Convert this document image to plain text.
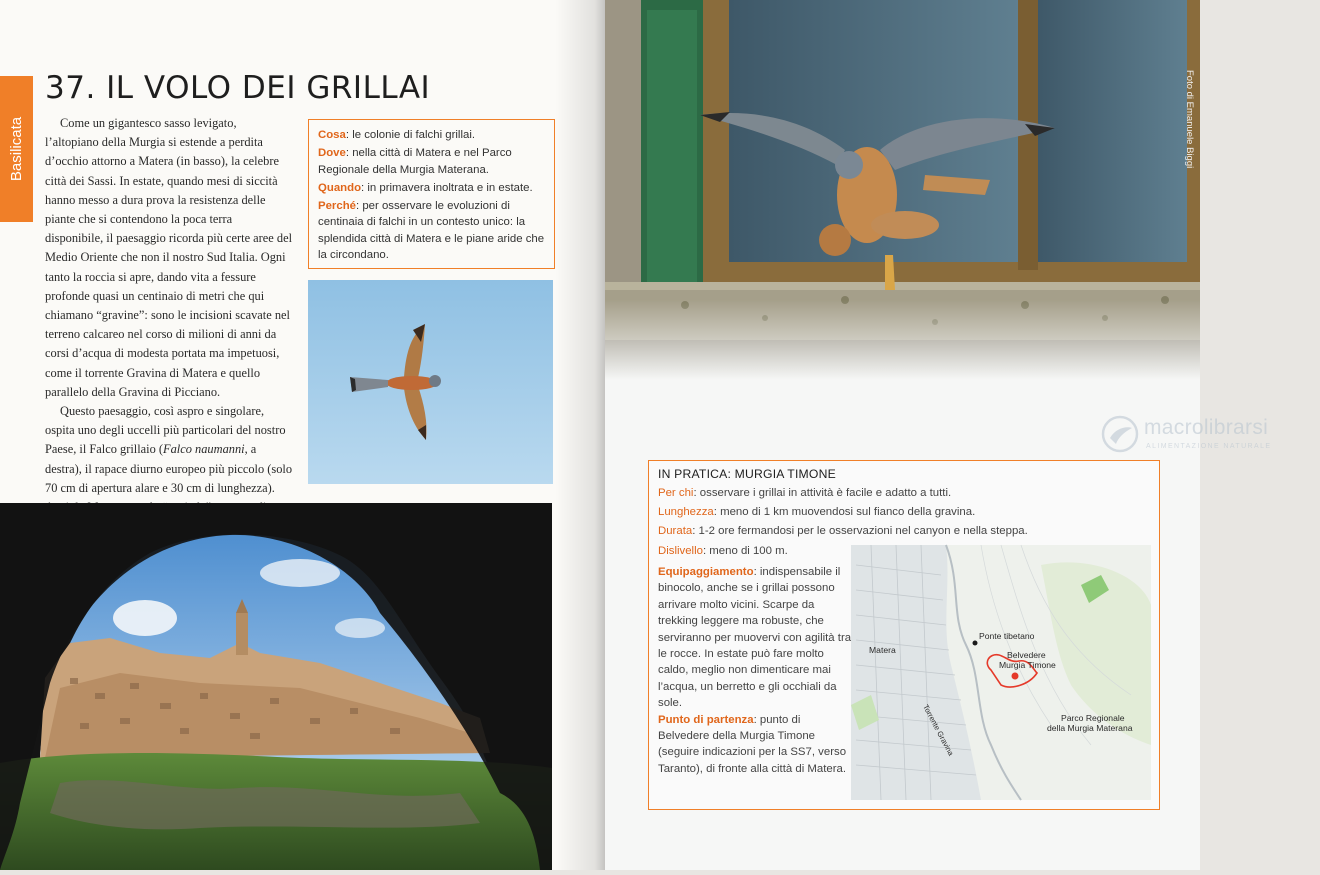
Basilicata
37. IL VOLO DEI GRILLAI

Come un gigantesco sasso levigato, l’altopiano della Murgia si estende a perdita d’occhio attorno a Matera (in basso), la celebre città dei Sassi. In estate, quando mesi di siccità hanno messo a dura prova la resistenza delle piante che si contendono la poca terra disponibile, il paesaggio ricorda più certe aree del Medio Oriente che non il nostro Sud Italia. Ogni tanto la roccia si apre, dando vita a fessure profonde quasi un centinaio di metri che qui chiamano “gravine”: sono le incisioni scavate nel terreno calcareo nel corso di milioni di anni da corsi d’acqua di modesta portata ma impetuosi, come il torrente Gravina di Matera e quello parallelo della Gravina di Picciano.

Questo paesaggio, così aspro e singolare, ospita uno degli uccelli più particolari del nostro Paese, il Falco grillaio (Falco naumanni, a destra), il rapace diurno europeo più piccolo (solo 70 cm di apertura alare e 30 cm di lunghezza).

Cosa: le colonie di falchi grillai.
Dove: nella città di Matera e nel Parco Regionale della Murgia Materana.
Quando: in primavera inoltrata e in estate.
Perché: per osservare le evoluzioni di centinaia di falchi in un contesto unico: la splendida città di Matera e le piane aride che la circondano.
Foto di Emanuele Biggi
macrolibrarsi
ALIMENTAZIONE NATURALE
IN PRATICA: MURGIA TIMONE
Per chi: osservare i grillai in attività è facile e adatto a tutti.
Lunghezza: meno di 1 km muovendosi sul fianco della gravina.
Durata: 1-2 ore fermandosi per le osservazioni nel canyon e nella steppa.
Dislivello: meno di 100 m.

Equipaggiamento: indispensabile il binocolo, anche se i grillai possono arrivare molto vicini. Scarpe da trekking leggere ma robuste, che serviranno per muovervi con agilità tra le rocce. In estate può fare molto caldo, meglio non dimenticare mai l’acqua, un berretto e gli occhiali da sole.

Punto di partenza: punto di Belvedere della Murgia Timone (seguire indicazioni per la SS7, verso Taranto), di fronte alla città di Matera.

Matera
Ponte tibetano
Belvedere
Murgia Timone
Torrente Gravina	Parco Regionale
della Murgia Materana
